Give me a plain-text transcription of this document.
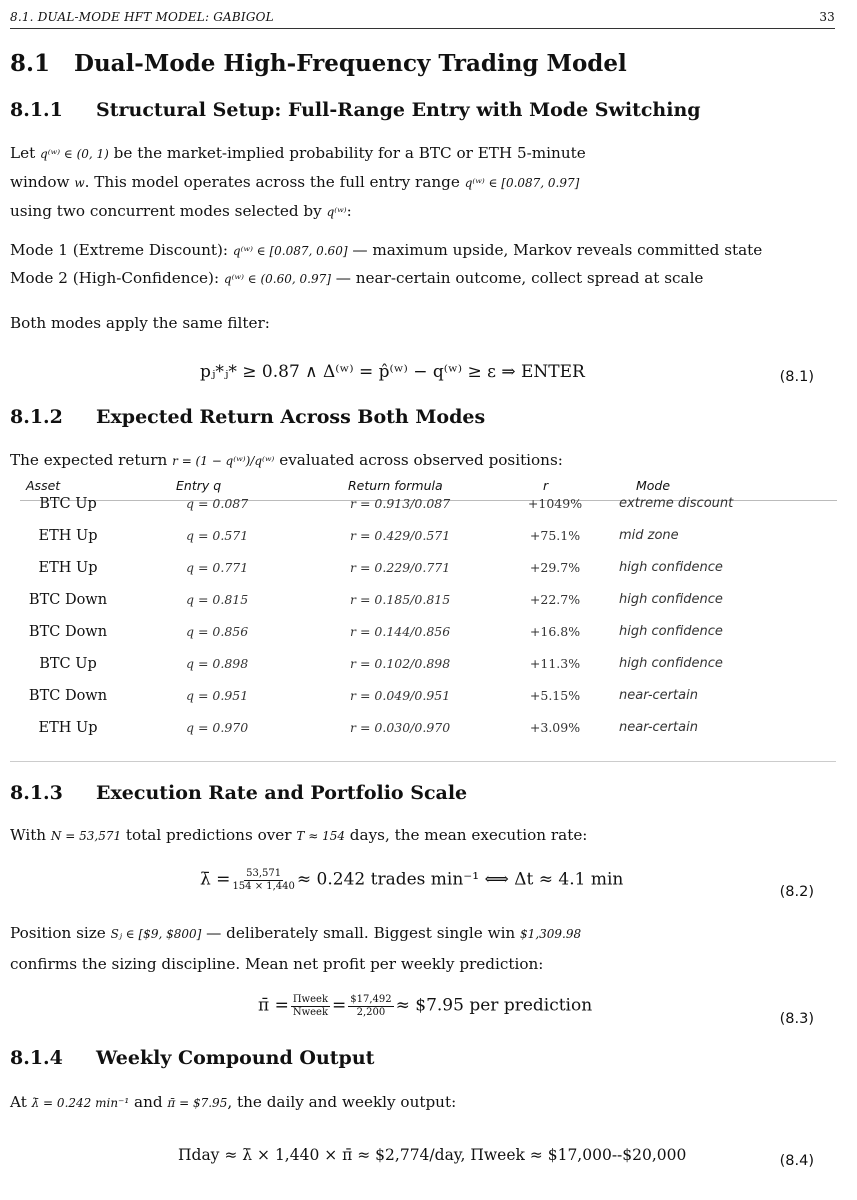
8.1. DUAL-MODE HFT MODEL: GABIGOL	33
8.1 Dual-Mode High-Frequency Trading Model
8.1.1 Structural Setup: Full-Range Entry with Mode Switching
Let q⁽ʷ⁾ ∈ (0, 1) be the market-implied probability for a BTC or ETH 5-minute
window w. This model operates across the full entry range q⁽ʷ⁾ ∈ [0.087, 0.97]
using two concurrent modes selected by q⁽ʷ⁾:
Mode 1 (Extreme Discount): q⁽ʷ⁾ ∈ [0.087, 0.60] — maximum upside, Markov reveals committed state
Mode 2 (High-Confidence): q⁽ʷ⁾ ∈ (0.60, 0.97] — near-certain outcome, collect spread at scale
Both modes apply the same filter:
pⱼ*ⱼ* ≥ 0.87 ∧ Δ⁽ʷ⁾ = p̂⁽ʷ⁾ − q⁽ʷ⁾ ≥ ε ⇒ ENTER	(8.1)
8.1.2 Expected Return Across Both Modes
The expected return r = (1 − q⁽ʷ⁾)/q⁽ʷ⁾ evaluated across observed positions:
Asset	Entry q	Return formula	r	Mode
BTC Up	q = 0.087	r = 0.913/0.087	+1049%	extreme discount
ETH Up	q = 0.571	r = 0.429/0.571	+75.1%	mid zone
ETH Up	q = 0.771	r = 0.229/0.771	+29.7%	high confidence
BTC Down	q = 0.815	r = 0.185/0.815	+22.7%	high confidence
BTC Down	q = 0.856	r = 0.144/0.856	+16.8%	high confidence
BTC Up	q = 0.898	r = 0.102/0.898	+11.3%	high confidence
BTC Down	q = 0.951	r = 0.049/0.951	+5.15%	near-certain
ETH Up	q = 0.970	r = 0.030/0.970	+3.09%	near-certain
8.1.3 Execution Rate and Portfolio Scale
With N = 53,571 total predictions over T ≈ 154 days, the mean execution rate:
λ̄ = $\frac{53,571}{154 \times 1,440} \approx 0.242$ trades min⁻¹ ⟺ Δt ≈ 4.1 min
(8.2)
Position size Sⱼ ∈ [$9, $800] — deliberately small. Biggest single win $1,309.98
confirms the sizing discipline. Mean net profit per weekly prediction:
π̄ = $\frac{\text{Πweek}}{\text{Nweek}} = \frac{\$17,492}{2,200}$ ≈ $7.95 per prediction
(8.3)
8.1.4 Weekly Compound Output
At λ̄ = 0.242 min⁻¹ and π̄ = $7.95, the daily and weekly output:
Πday ≈ λ̄ × 1,440 × π̄ ≈ $2,774/day, Πweek ≈ $17,000--$20,000	(8.4)
